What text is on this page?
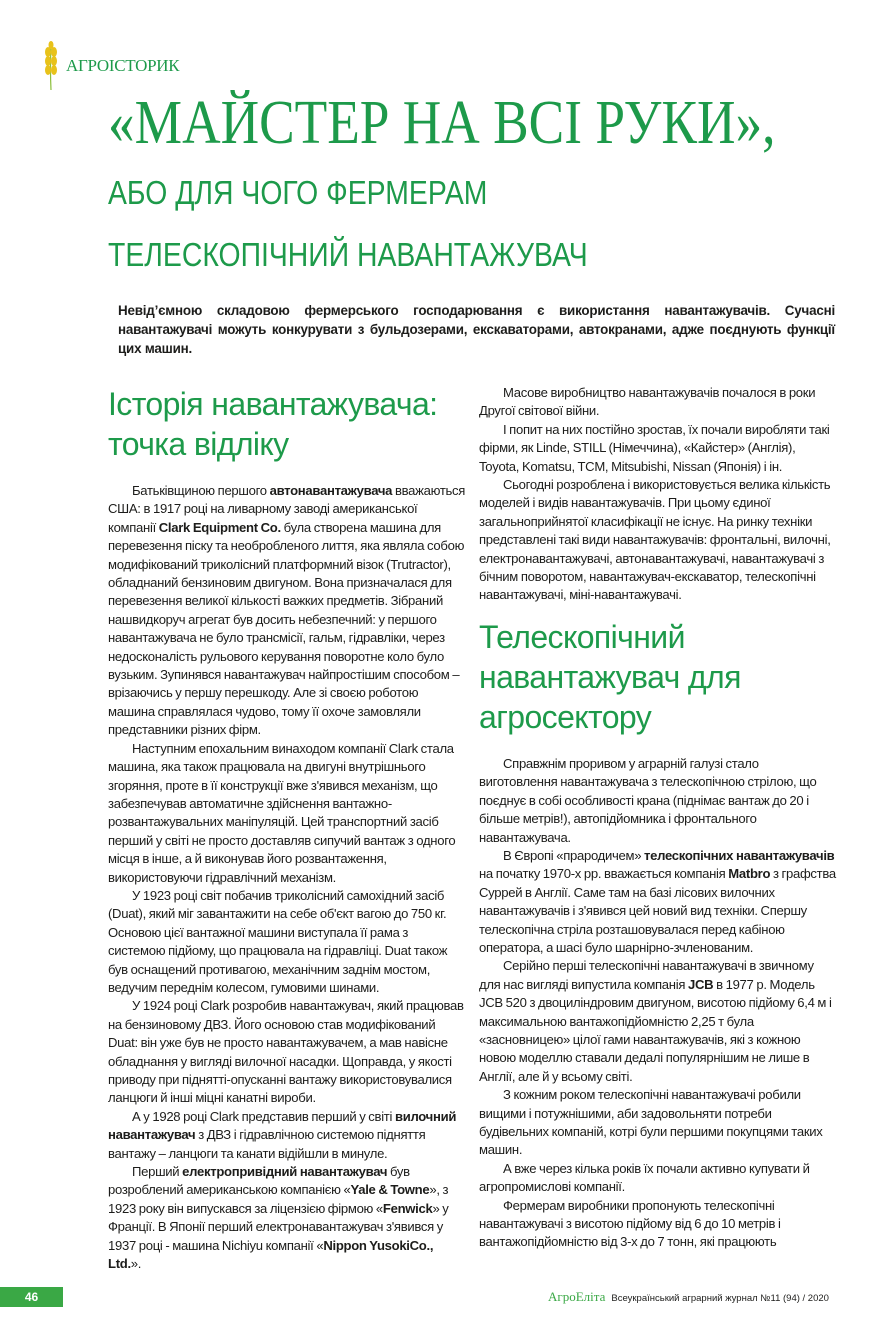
АГРОІСТОРИК
«МАЙСТЕР НА ВСІ РУКИ»,
АБО ДЛЯ ЧОГО ФЕРМЕРАМ
ТЕЛЕСКОПІЧНИЙ НАВАНТАЖУВАЧ
Невід’ємною складовою фермерського господарювання є використання навантажувачів. Сучасні навантажувачі можуть конкурувати з бульдозерами, екскаваторами, автокранами, адже поєднують функції цих машин.
Історія навантажувача: точка відліку

Батьківщиною першого автонавантажувача вважаються США: в 1917 році на ливарному заводі американської компанії Clark Equipment Co. була створена машина для перевезення піску та необробленого лиття, яка являла собою модифікований триколісний платформний візок (Trutractor), обладнаний бензиновим двигуном. Вона призначалася для перевезення великої кількості важких предметів. Зібраний нашвидкоруч агрегат був досить небезпечний: у першого навантажувача не було трансмісії, гальм, гідравліки, через недосконалість рульового керування поворотне коло було вузьким. Зупинявся навантажувач найпростішим способом – врізаючись у першу перешкоду. Але зі своєю роботою машина справлялася чудово, тому її охоче замовляли представники різних фірм.

Наступним епохальним винаходом компанії Clark стала машина, яка також працювала на двигуні внутрішнього згоряння, проте в її конструкції вже з'явився механізм, що забезпечував автоматичне здійснення вантажно-розвантажувальних маніпуляцій. Цей транспортний засіб перший у світі не просто доставляв сипучий вантаж з одного місця в інше, а й виконував його розвантаження, використовуючи гідравлічний механізм.

У 1923 році світ побачив триколісний самохідний засіб (Duat), який міг завантажити на себе об'єкт вагою до 750 кг. Основою цієї вантажної машини виступала її рама з системою підйому, що працювала на гідравліці. Duat також був оснащений противагою, механічним заднім мостом, ведучим переднім колесом, гумовими шинами.

У 1924 році Clark розробив навантажувач, який працював на бензиновому ДВЗ. Його основою став модифікований Duat: він уже був не просто навантажувачем, а мав навісне обладнання у вигляді вилочної насадки. Щоправда, у якості приводу при піднятті-опусканні вантажу використовувалися ланцюги й інші міцні канатні вироби.

А у 1928 році Clark представив перший у світі вилочний навантажувач з ДВЗ і гідравлічною системою підняття вантажу – ланцюги та канати відійшли в минуле.

Перший електропривідний навантажувач був розроблений американською компанією «Yale & Towne», з 1923 року він випускався за ліцензією фірмою «Fenwick» у Франції. В Японії перший електронавантажувач з'явився у 1937 році - машина Nichiyu компанії «Nippon YusokiCo., Ltd.».

Масове виробництво навантажувачів почалося в роки Другої світової війни.

І попит на них постійно зростав, їх почали виробляти такі фірми, як Linde, STILL (Німеччина), «Кайстер» (Англія), Toyota, Komatsu, TCM, Mitsubishi, Nissan (Японія) і ін.

Сьогодні розроблена і використовується велика кількість моделей і видів навантажувачів. При цьому єдиної загальноприйнятої класифікації не існує. На ринку техніки представлені такі види навантажувачів: фронтальні, вилочні, електронавантажувачі, автонавантажувачі, навантажувачі з бічним поворотом, навантажувач-екскаватор, телескопічні навантажувачі, міні-навантажувачі.

Телескопічний навантажувач для агросектору

Справжнім проривом у аграрній галузі стало виготовлення навантажувача з телескопічною стрілою, що поєднує в собі особливості крана (піднімає вантаж до 20 і більше метрів!), автопідйомника і фронтального навантажувача.

В Європі «прародичем» телескопічних навантажувачів на початку 1970-х рр. вважається компанія Matbro з графства Суррей в Англії. Саме там на базі лісових вилочних навантажувачів і з'явився цей новий вид техніки. Спершу телескопічна стріла розташовувалася перед кабіною оператора, а шасі було шарнірно-зчленованим.

Серійно перші телескопічні навантажувачі в звичному для нас вигляді випустила компанія JCB в 1977 р. Модель JCB 520 з двоциліндровим двигуном, висотою підйому 6,4 м і максимальною вантажопідйомністю 2,25 т була «засновницею» цілої гами навантажувачів, які з кожною новою моделлю ставали дедалі популярнішим не лише в Англії, але й у всьому світі.

З кожним роком телескопічні навантажувачі робили вищими і потужнішими, аби задовольняти потреби будівельних компаній, котрі були першими покупцями таких машин.

А вже через кілька років їх почали активно купувати й агропромислові компанії.

Фермерам виробники пропонують телескопічні навантажувачі з висотою підйому від 6 до 10 метрів і вантажопідйомністю від 3-х до 7 тонн, які працюють

46	АгроЕліта Всеукраїнський аграрний журнал №11 (94) / 2020
